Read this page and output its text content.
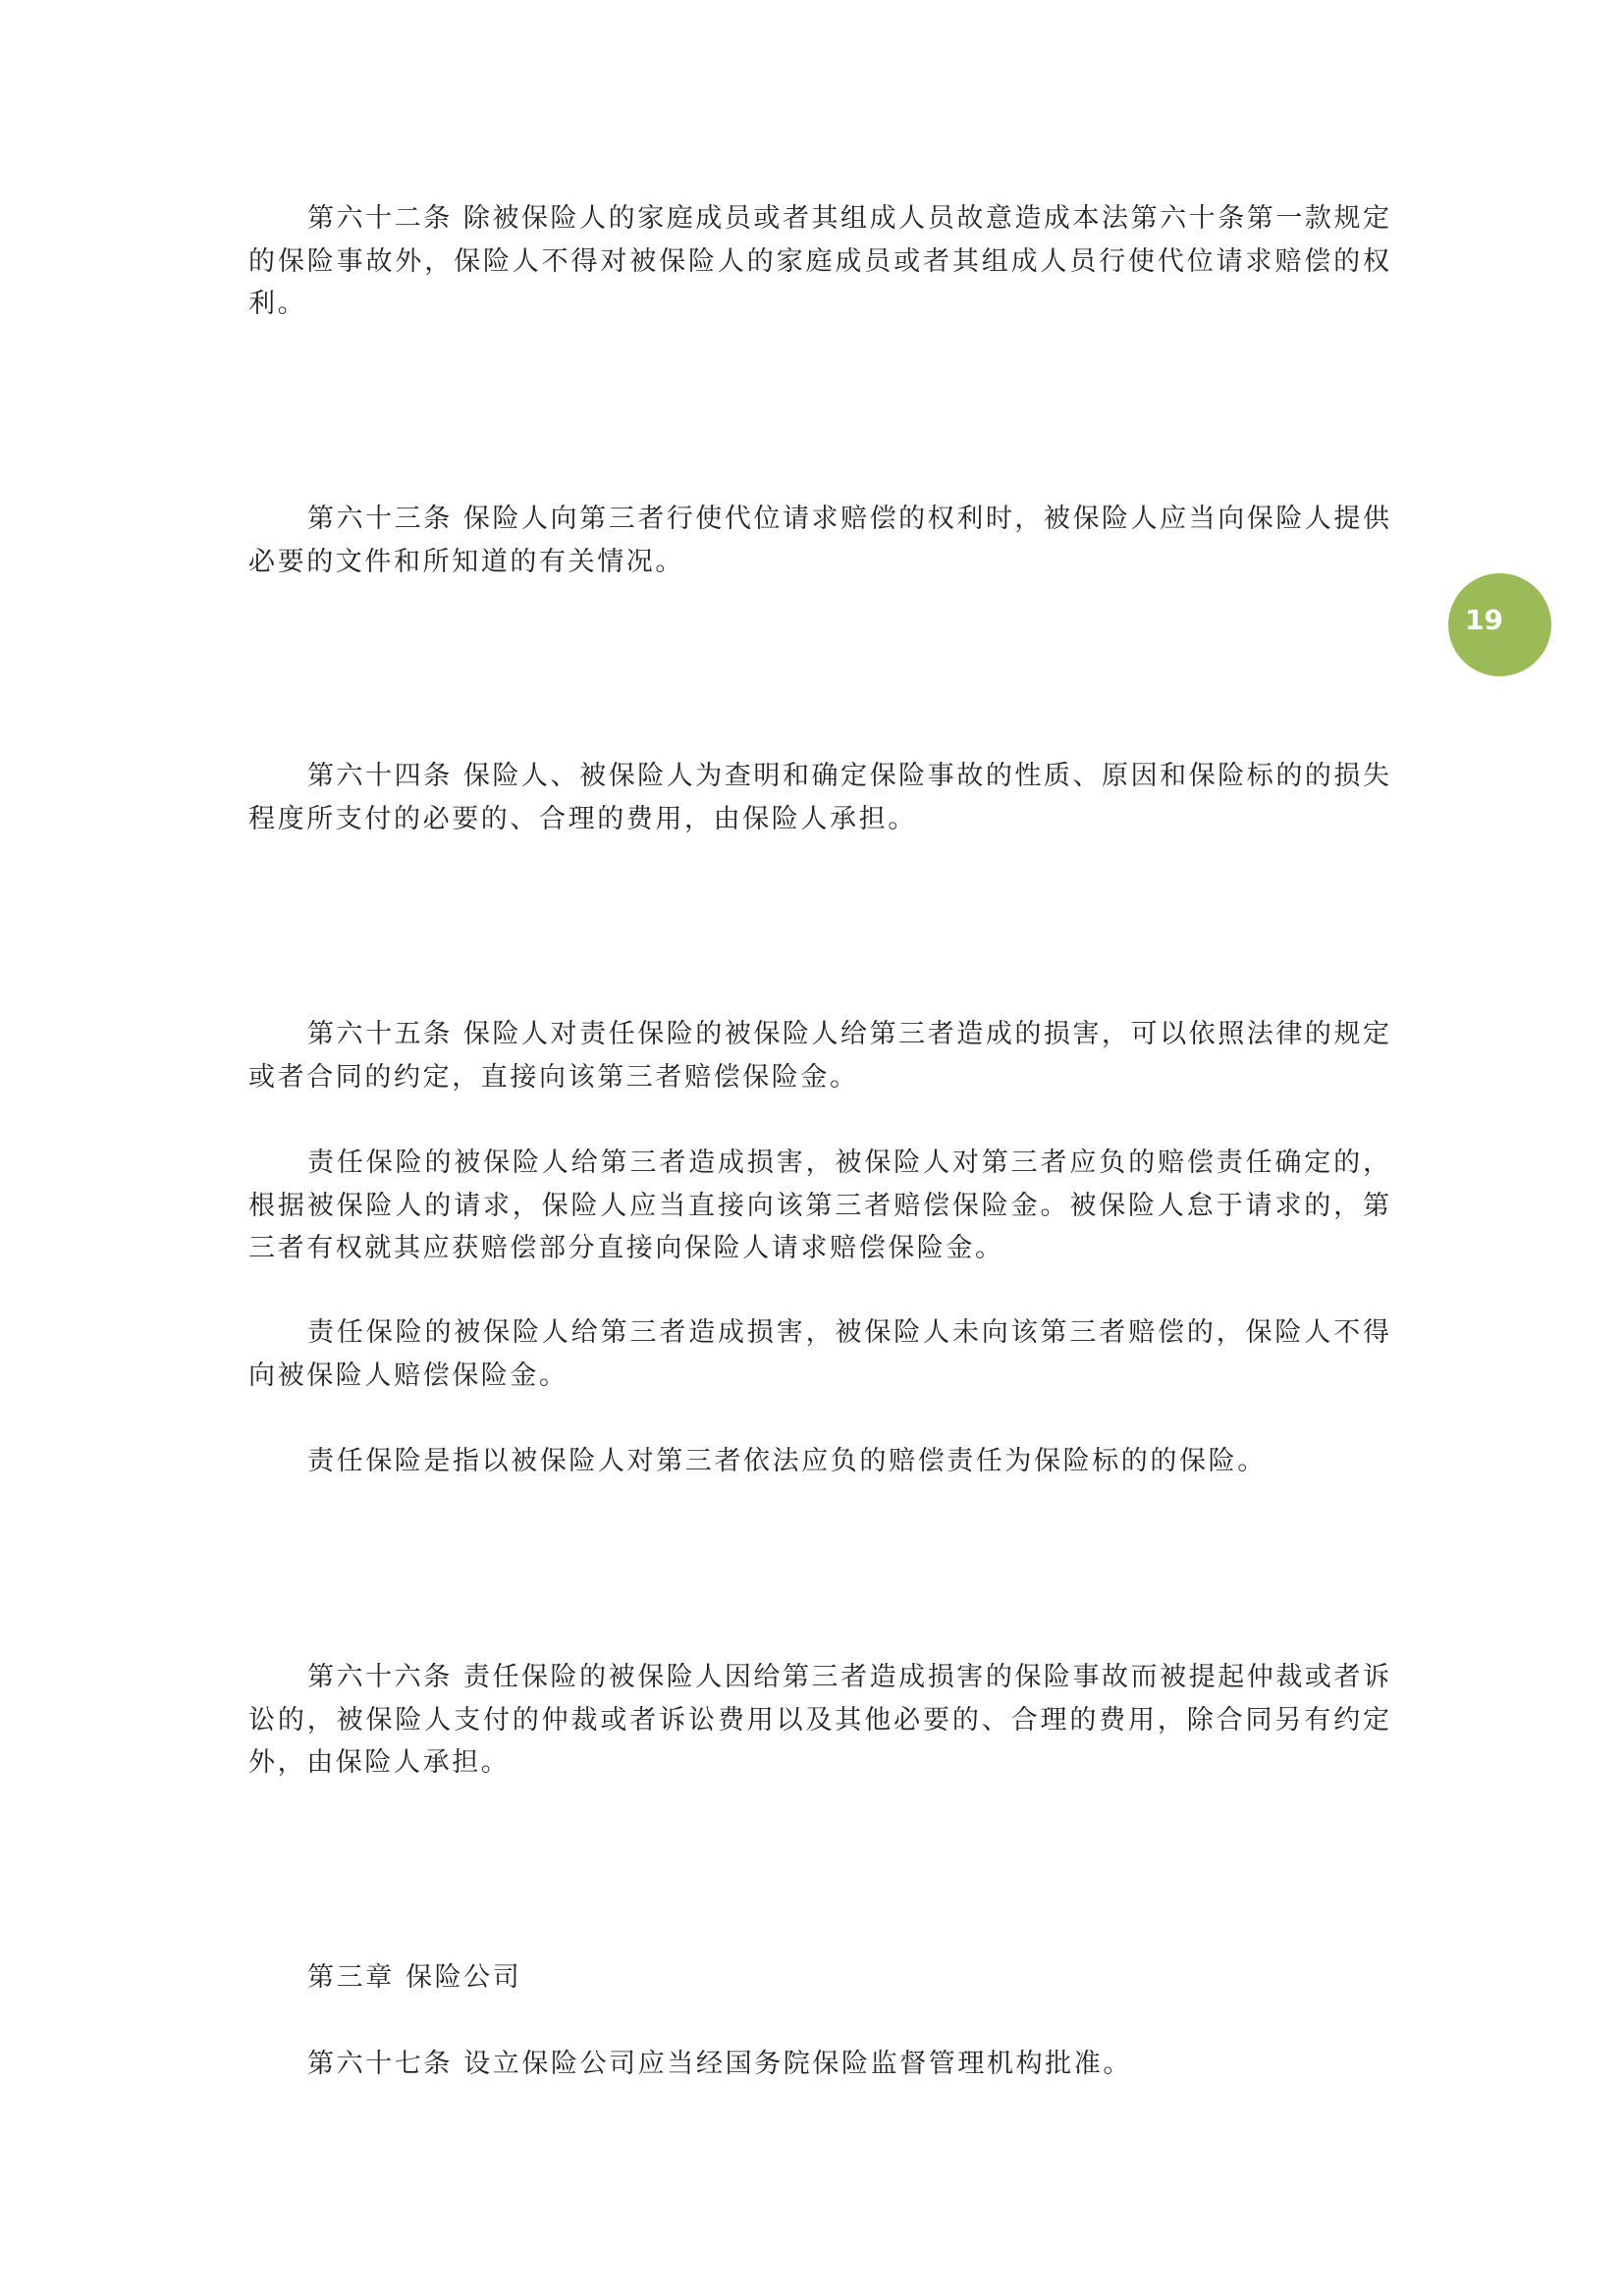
19
第六十二条 除被保险人的家庭成员或者其组成人员故意造成本法第六十条第一款规定
的保险事故外，保险人不得对被保险人的家庭成员或者其组成人员行使代位请求赔偿的权
利。
第六十三条 保险人向第三者行使代位请求赔偿的权利时，被保险人应当向保险人提供
必要的文件和所知道的有关情况。
第六十四条 保险人、被保险人为查明和确定保险事故的性质、原因和保险标的的损失
程度所支付的必要的、合理的费用，由保险人承担。
第六十五条 保险人对责任保险的被保险人给第三者造成的损害，可以依照法律的规定
或者合同的约定，直接向该第三者赔偿保险金。
责任保险的被保险人给第三者造成损害，被保险人对第三者应负的赔偿责任确定的，
根据被保险人的请求，保险人应当直接向该第三者赔偿保险金。被保险人怠于请求的，第
三者有权就其应获赔偿部分直接向保险人请求赔偿保险金。
责任保险的被保险人给第三者造成损害，被保险人未向该第三者赔偿的，保险人不得
向被保险人赔偿保险金。
责任保险是指以被保险人对第三者依法应负的赔偿责任为保险标的的保险。
第六十六条 责任保险的被保险人因给第三者造成损害的保险事故而被提起仲裁或者诉
讼的，被保险人支付的仲裁或者诉讼费用以及其他必要的、合理的费用，除合同另有约定
外，由保险人承担。
第三章 保险公司
第六十七条 设立保险公司应当经国务院保险监督管理机构批准。
